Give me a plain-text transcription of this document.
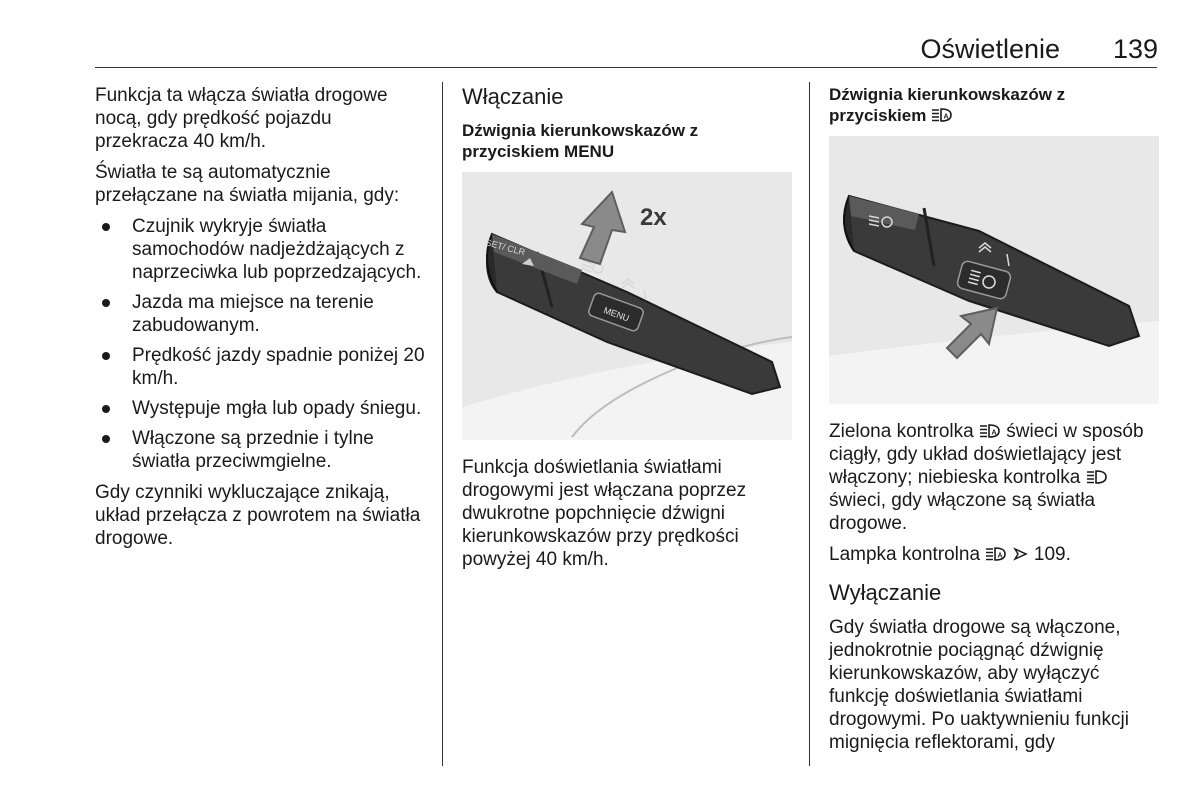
Oświetlenie 139

Funkcja ta włącza światła drogowe nocą, gdy prędkość pojazdu przekracza 40 km/h.

Światła te są automatycznie przełączane na światła mijania, gdy:

Czujnik wykryje światła samochodów nadjeżdżających z naprzeciwka lub poprzedzających.
Jazda ma miejsce na terenie zabudowanym.
Prędkość jazdy spadnie poniżej 20 km/h.
Występuje mgła lub opady śniegu.
Włączone są przednie i tylne światła przeciwmgielne.

Gdy czynniki wykluczające znikają, układ przełącza z powrotem na światła drogowe.

Włączanie
Dźwignia kierunkowskazów z przyciskiem MENU
SET/ CLR
MENU
2x

Funkcja doświetlania światłami drogowymi jest włączana poprzez dwukrotne popchnięcie dźwigni kierunkowskazów przy prędkości powyżej 40 km/h.

Dźwignia kierunkowskazów z przyciskiem A

Zielona kontrolka	A świeci w sposób ciągły, gdy układ doświetlający jest włączony; niebieska kontrolka  świeci, gdy włączone są światła drogowe.

Lampka kontrolna	A 109.

Wyłączanie

Gdy światła drogowe są włączone, jednokrotnie pociągnąć dźwignię kierunkowskazów, aby wyłączyć funkcję doświetlania światłami drogowymi. Po uaktywnieniu funkcji mignięcia reflektorami, gdy
